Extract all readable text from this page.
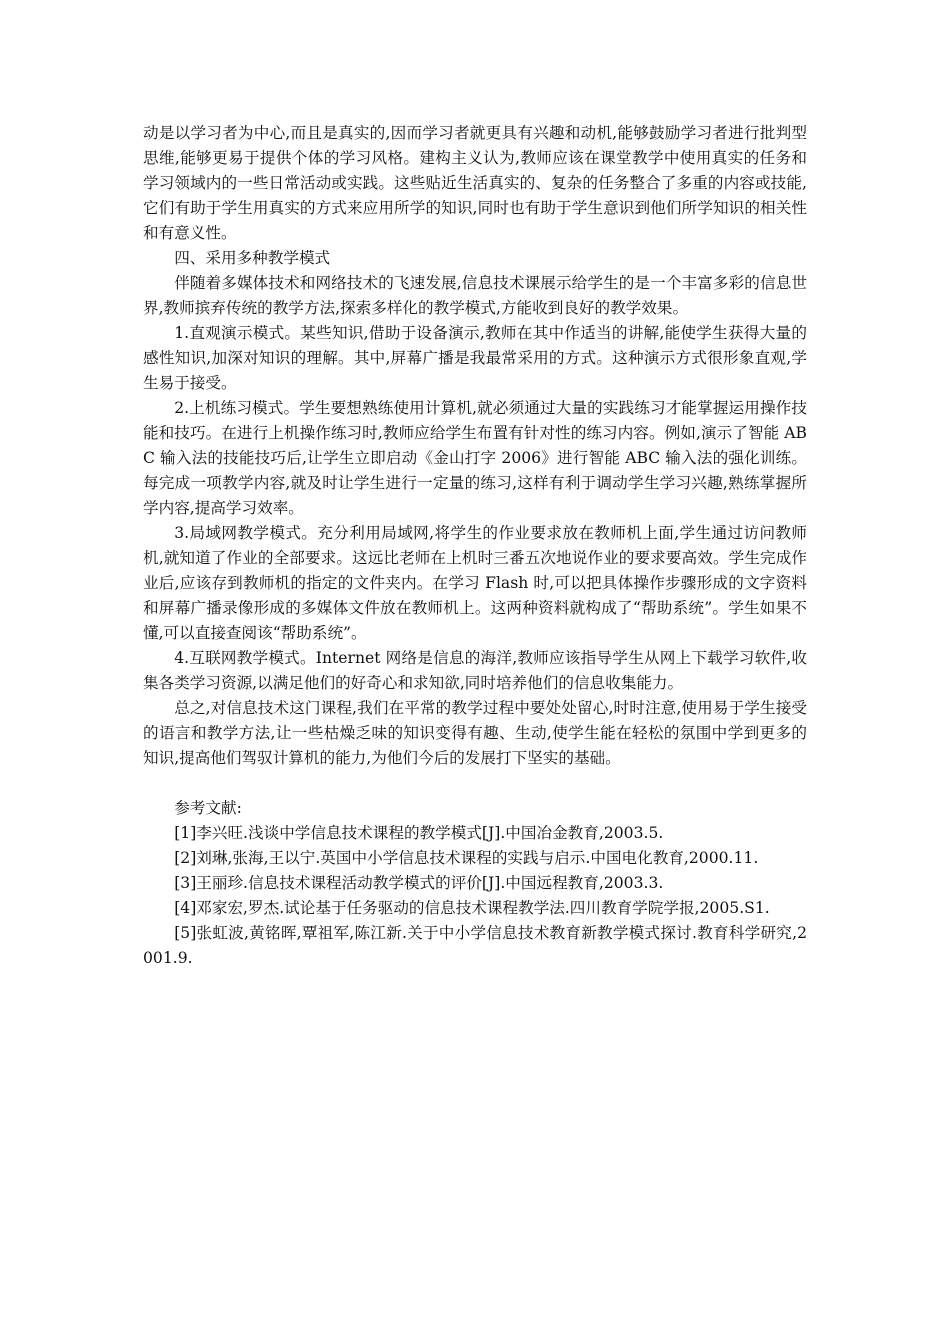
动是以学习者为中心,而且是真实的,因而学习者就更具有兴趣和动机,能够鼓励学习者进行批判型思维,能够更易于提供个体的学习风格。建构主义认为,教师应该在课堂教学中使用真实的任务和学习领域内的一些日常活动或实践。这些贴近生活真实的、复杂的任务整合了多重的内容或技能,它们有助于学生用真实的方式来应用所学的知识,同时也有助于学生意识到他们所学知识的相关性和有意义性。

四、采用多种教学模式

伴随着多媒体技术和网络技术的飞速发展,信息技术课展示给学生的是一个丰富多彩的信息世界,教师摈弃传统的教学方法,探索多样化的教学模式,方能收到良好的教学效果。

1.直观演示模式。某些知识,借助于设备演示,教师在其中作适当的讲解,能使学生获得大量的感性知识,加深对知识的理解。其中,屏幕广播是我最常采用的方式。这种演示方式很形象直观,学生易于接受。

2.上机练习模式。学生要想熟练使用计算机,就必须通过大量的实践练习才能掌握运用操作技能和技巧。在进行上机操作练习时,教师应给学生布置有针对性的练习内容。例如,演示了智能 ABC 输入法的技能技巧后,让学生立即启动《金山打字 2006》进行智能 ABC 输入法的强化训练。每完成一项教学内容,就及时让学生进行一定量的练习,这样有利于调动学生学习兴趣,熟练掌握所学内容,提高学习效率。

3.局域网教学模式。充分利用局域网,将学生的作业要求放在教师机上面,学生通过访问教师机,就知道了作业的全部要求。这远比老师在上机时三番五次地说作业的要求要高效。学生完成作业后,应该存到教师机的指定的文件夹内。在学习 Flash 时,可以把具体操作步骤形成的文字资料和屏幕广播录像形成的多媒体文件放在教师机上。这两种资料就构成了“帮助系统”。学生如果不懂,可以直接查阅该“帮助系统”。

4.互联网教学模式。Internet 网络是信息的海洋,教师应该指导学生从网上下载学习软件,收集各类学习资源,以满足他们的好奇心和求知欲,同时培养他们的信息收集能力。

总之,对信息技术这门课程,我们在平常的教学过程中要处处留心,时时注意,使用易于学生接受的语言和教学方法,让一些枯燥乏味的知识变得有趣、生动,使学生能在轻松的氛围中学到更多的知识,提高他们驾驭计算机的能力,为他们今后的发展打下坚实的基础。

参考文献:

[1]李兴旺.浅谈中学信息技术课程的教学模式[J].中国冶金教育,2003.5.

[2]刘琳,张海,王以宁.英国中小学信息技术课程的实践与启示.中国电化教育,2000.11.

[3]王丽珍.信息技术课程活动教学模式的评价[J].中国远程教育,2003.3.

[4]邓家宏,罗杰.试论基于任务驱动的信息技术课程教学法.四川教育学院学报,2005.S1.

[5]张虹波,黄铭晖,覃祖军,陈江新.关于中小学信息技术教育新教学模式探讨.教育科学研究,2001.9.
